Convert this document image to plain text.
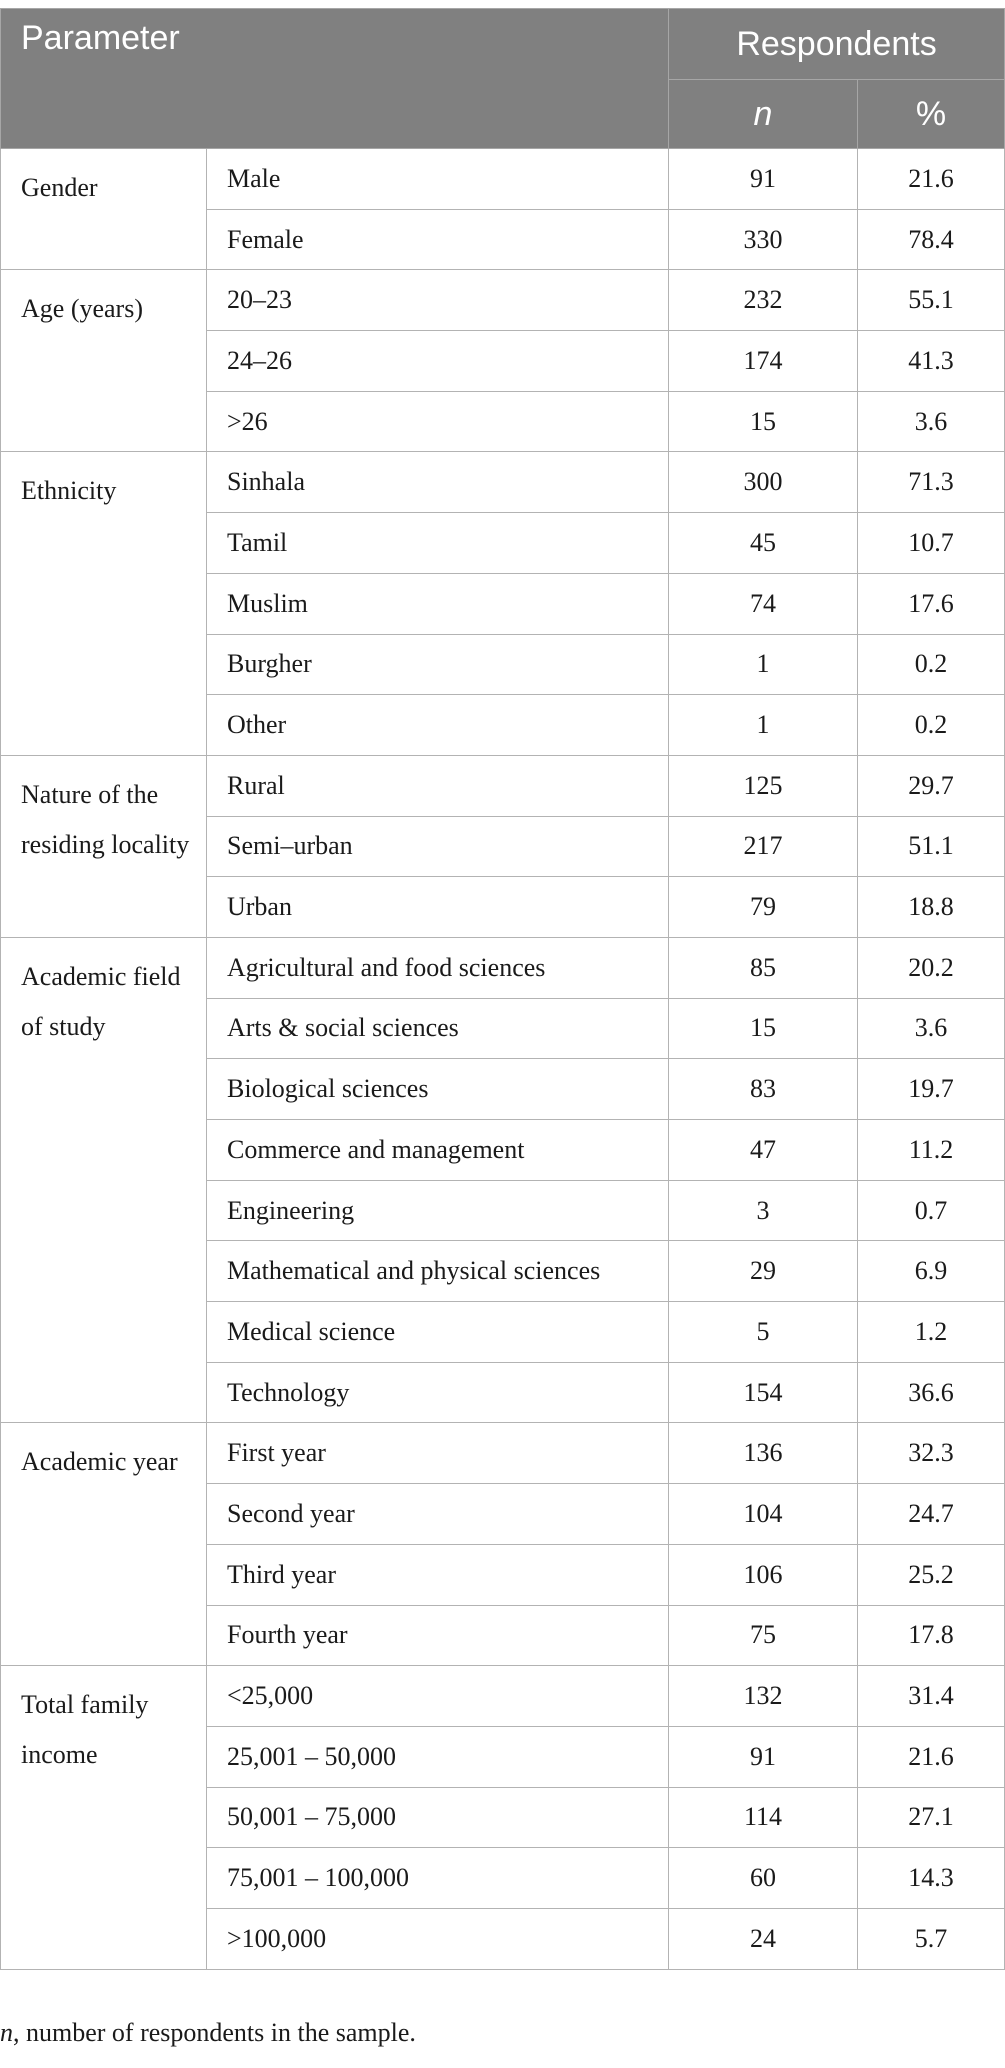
Parameter		Respondents	
		n	%
Gender	Male	91	21.6
	Female	330	78.4
Age (years)	20–23	232	55.1
	24–26	174	41.3
	>26	15	3.6
Ethnicity	Sinhala	300	71.3
	Tamil	45	10.7
	Muslim	74	17.6
	Burgher	1	0.2
	Other	1	0.2
Nature of the residing locality	Rural	125	29.7
	Semi–urban	217	51.1
	Urban	79	18.8
Academic field of study	Agricultural and food sciences	85	20.2
	Arts & social sciences	15	3.6
	Biological sciences	83	19.7
	Commerce and management	47	11.2
	Engineering	3	0.7
	Mathematical and physical sciences	29	6.9
	Medical science	5	1.2
	Technology	154	36.6
Academic year	First year	136	32.3
	Second year	104	24.7
	Third year	106	25.2
	Fourth year	75	17.8
Total family income	<25,000	132	31.4
	25,001 – 50,000	91	21.6
	50,001 – 75,000	114	27.1
	75,001 – 100,000	60	14.3
	>100,000	24	5.7
n, number of respondents in the sample.
